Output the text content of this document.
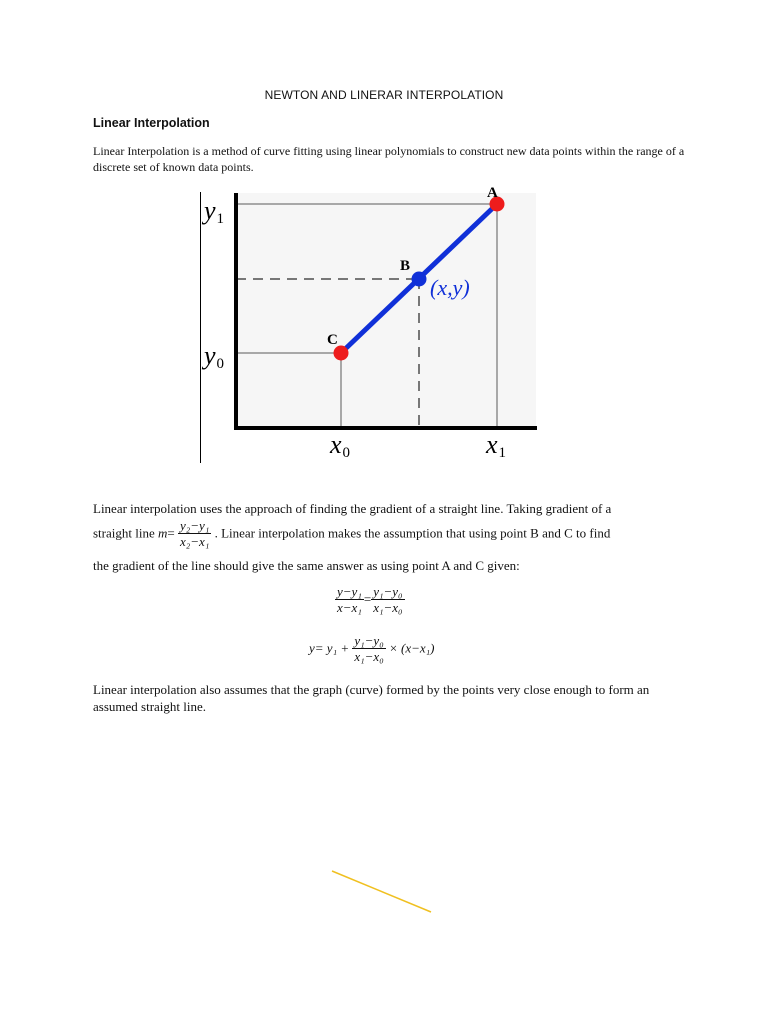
NEWTON AND LINERAR INTERPOLATION
Linear Interpolation
Linear Interpolation is a method of curve fitting using linear polynomials to construct new data points within the range of a discrete set of known data points.
A
B
C
(x,y)
y1
y0
x0	x1
Linear interpolation uses the approach of finding the gradient of a straight line. Taking gradient of a
straight line $m= \frac{\text{y₂−y₁}}{\text{x₂−x₁}}$ . Linear interpolation makes the assumption that using point B and C to find
the gradient of the line should give the same answer as using point A and C given:
$\frac{\text{y−y₁}}{\text{x−x₁}} = \frac{\text{y₁−y₀}}{\text{x₁−x₀}}$
$y= y_1 + \frac{\text{y₁−y₀}}{\text{x₁−x₀}} \times (x-x_1)$
Linear interpolation also assumes that the graph (curve) formed by the points very close enough to form an assumed straight line.
